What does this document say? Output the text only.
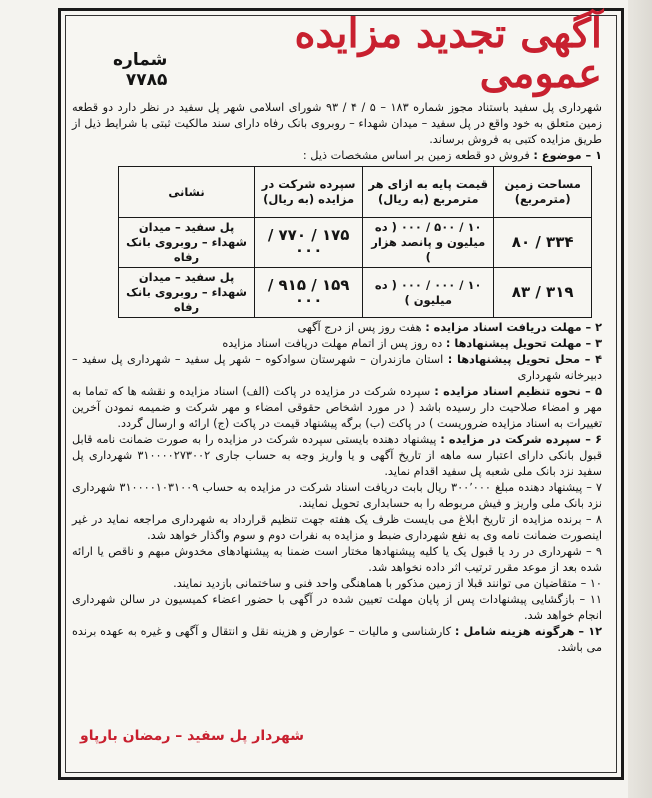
آگهی تجدید مزایده عمومی
شماره ۷۷۸۵

شهرداری پل سفید باستناد مجوز شماره ۱۸۳ – ۵ / ۴ / ۹۳ شورای اسلامی شهر پل سفید در نظر دارد دو قطعه زمین متعلق به خود واقع در پل سفید – میدان شهداء – روبروی بانک رفاه دارای سند مالکیت ثبتی با شرایط ذیل از طریق مزایده کتبی به فروش برساند.

۱ – موضوع : فروش دو قطعه زمین بر اساس مشخصات ذیل :

مساحت زمین (مترمربع)	قیمت پایه به ازای هر مترمربع (به ریال)	سپرده شرکت در مزایده (به ریال)	نشانی
۳۳۴ / ۸۰	۱۰ / ۵۰۰ / ۰۰۰ ( ده میلیون و پانصد هزار )	۱۷۵ / ۷۷۰ / ۰۰۰	پل سفید – میدان شهداء – روبروی بانک رفاه
۳۱۹ / ۸۳	۱۰ / ۰۰۰ / ۰۰۰ ( ده میلیون )	۱۵۹ / ۹۱۵ / ۰۰۰	پل سفید – میدان شهداء – روبروی بانک رفاه

۲ – مهلت دریافت اسناد مزایده : هفت روز پس از درج آگهی

۳ – مهلت تحویل پیشنهادها : ده روز پس از اتمام مهلت دریافت اسناد مزایده

۴ – محل تحویل پیشنهادها : استان مازندران – شهرستان سوادکوه – شهر پل سفید – شهرداری پل سفید – دبیرخانه شهرداری

۵ – نحوه تنظیم اسناد مزایده : سپرده شرکت در مزایده در پاکت (الف) اسناد مزایده و نقشه ها که تماما به مهر و امضاء صلاحیت دار رسیده باشد ( در مورد اشخاص حقوقی امضاء و مهر شرکت و ضمیمه نمودن آخرین تغییرات به اسناد مزایده ضروریست ) در پاکت (ب) برگه پیشنهاد قیمت در پاکت (ج) ارائه و ارسال گردد.

۶ – سپرده شرکت در مزایده : پیشنهاد دهنده بایستی سپرده شرکت در مزایده را به صورت ضمانت نامه قابل قبول بانکی دارای اعتبار سه ماهه از تاریخ آگهی و یا واریز وجه به حساب جاری ۳۱۰۰۰۰۲۷۳۰۰۲ شهرداری پل سفید نزد بانک ملی شعبه پل سفید اقدام نماید.

۷ – پیشنهاد دهنده مبلغ ۳۰۰٬۰۰۰ ریال بابت دریافت اسناد شرکت در مزایده به حساب ۳۱۰۰۰۰۱۰۳۱۰۰۹ شهرداری نزد بانک ملی واریز و فیش مربوطه را به حسابداری تحویل نمایند.

۸ – برنده مزایده از تاریخ ابلاغ می بایست ظرف یک هفته جهت تنظیم قرارداد به شهرداری مراجعه نماید در غیر اینصورت ضمانت نامه وی به نفع شهرداری ضبط و مزایده به نفرات دوم و سوم واگذار خواهد شد.

۹ – شهرداری در رد یا قبول یک یا کلیه پیشنهادها مختار است ضمنا به پیشنهادهای مخدوش مبهم و ناقص یا ارائه شده بعد از موعد مقرر ترتیب اثر داده نخواهد شد.

۱۰ – متقاضیان می توانند قبلا از زمین مذکور با هماهنگی واحد فنی و ساختمانی بازدید نمایند.

۱۱ – بازگشایی پیشنهادات پس از پایان مهلت تعیین شده در آگهی با حضور اعضاء کمیسیون در سالن شهرداری انجام خواهد شد.

۱۲ – هرگونه هزینه شامل : کارشناسی و مالیات – عوارض و هزینه نقل و انتقال و آگهی و غیره به عهده برنده می باشد.

شهردار پل سفید – رمضان بارپاو
